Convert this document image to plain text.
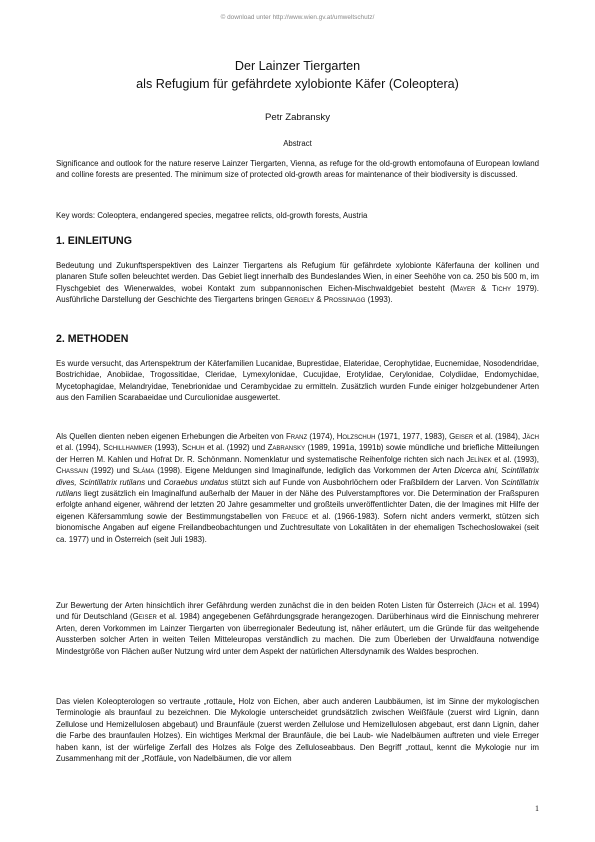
© download unter http://www.wien.gv.at/umweltschutz/
Der Lainzer Tiergarten
als Refugium für gefährdete xylobionte Käfer (Coleoptera)
Petr Zabransky
Abstract

Significance and outlook for the nature reserve Lainzer Tiergarten, Vienna, as refuge for the old-growth entomofauna of European lowland and colline forests are presented. The minimum size of protected old-growth areas for maintenance of their biodiversity is discussed.

Key words: Coleoptera, endangered species, megatree relicts, old-growth forests, Austria

1. EINLEITUNG

Bedeutung und Zukunftsperspektiven des Lainzer Tiergartens als Refugium für gefährdete xylobionte Käferfauna der kollinen und planaren Stufe sollen beleuchtet werden. Das Gebiet liegt innerhalb des Bundeslandes Wien, in einer Seehöhe von ca. 250 bis 500 m, im Flyschgebiet des Wienerwaldes, wobei Kontakt zum subpannonischen Eichen-Mischwaldgebiet besteht (Mayer & Tichy 1979). Ausführliche Darstellung der Geschichte des Tiergartens bringen Gergely & Prossinagg (1993).

2. METHODEN

Es wurde versucht, das Artenspektrum der Käterfamilien Lucanidae, Buprestidae, Elateridae, Cerophytidae, Eucnemidae, Nosodendridae, Bostrichidae, Anobiidae, Trogossitidae, Cleridae, Lymexylonidae, Cucujidae, Erotylidae, Cerylonidae, Colydiidae, Endomychidae, Mycetophagidae, Melandryidae, Tenebrionidae und Cerambycidae zu ermitteln. Zusätzlich wurden Funde einiger holzgebundener Arten aus den Familien Scarabaeidae und Curculionidae ausgewertet.

Als Quellen dienten neben eigenen Erhebungen die Arbeiten von Franz (1974), Holzschuh (1971, 1977, 1983), Geiser et al. (1984), Jäch et al. (1994), Schillhammer (1993), Schuh et al. (1992) und Zabransky (1989, 1991a, 1991b) sowie mündliche und briefliche Mitteilungen der Herren M. Kahlen und Hofrat Dr. R. Schönmann. Nomenklatur und systematische Reihenfolge richten sich nach Jelínek et al. (1993), Chassain (1992) und Sláma (1998). Eigene Meldungen sind Imaginalfunde, lediglich das Vorkommen der Arten Dicerca alni, Scintillatrix dives, Scintillatrix rutilans und Coraebus undatus stützt sich auf Funde von Ausbohrlöchern oder Fraßbildern der Larven. Von Scintillatrix rutilans liegt zusätzlich ein Imaginalfund außerhalb der Mauer in der Nähe des Pulverstampftores vor. Die Determination der Fraßspuren erfolgte anhand eigener, während der letzten 20 Jahre gesammelter und großteils unveröffentlichter Daten, die der Imagines mit Hilfe der eigenen Käfersammlung sowie der Bestimmungstabellen von Freude et al. (1966-1983). Sofern nicht anders vermerkt, stützen sich bionomische Angaben auf eigene Freilandbeobachtungen und Zuchtresultate von Lokalitäten in der ehemaligen Tschechoslowakei (seit ca. 1977) und in Österreich (seit Juli 1983).

Zur Bewertung der Arten hinsichtlich ihrer Gefährdung werden zunächst die in den beiden Roten Listen für Österreich (Jäch et al. 1994) und für Deutschland (Geiser et al. 1984) angegebenen Gefährdungsgrade herangezogen. Darüberhinaus wird die Einnischung mehrerer Arten, deren Vorkommen im Lainzer Tiergarten von überregionaler Bedeutung ist, näher erläutert, um die Gründe für das weitgehende Aussterben solcher Arten in weiten Teilen Mitteleuropas verständlich zu machen. Die zum Überleben der Urwaldfauna notwendige Mindestgröße von Flächen außer Nutzung wird unter dem Aspekt der natürlichen Altersdynamik des Waldes besprochen.

Das vielen Koleopterologen so vertraute „rottaule„ Holz von Eichen, aber auch anderen Laubbäumen, ist im Sinne der mykologischen Terminologie als braunfaul zu bezeichnen. Die Mykologie unterscheidet grundsätzlich zwischen Weißfäule (zuerst wird Lignin, dann Zellulose und Hemizellulosen abgebaut) und Braunfäule (zuerst werden Zellulose und Hemizellulosen abgebaut, erst dann Lignin, daher die Farbe des braunfaulen Holzes). Ein wichtiges Merkmal der Braunfäule, die bei Laub- wie Nadelbäumen auftreten und viele Erreger haben kann, ist der würfelige Zerfall des Holzes als Folge des Zelluloseabbaus. Den Begriff „rottaul„ kennt die Mykologie nur im Zusammenhang mit der „Rotfäule„ von Nadelbäumen, die vor allem

1
